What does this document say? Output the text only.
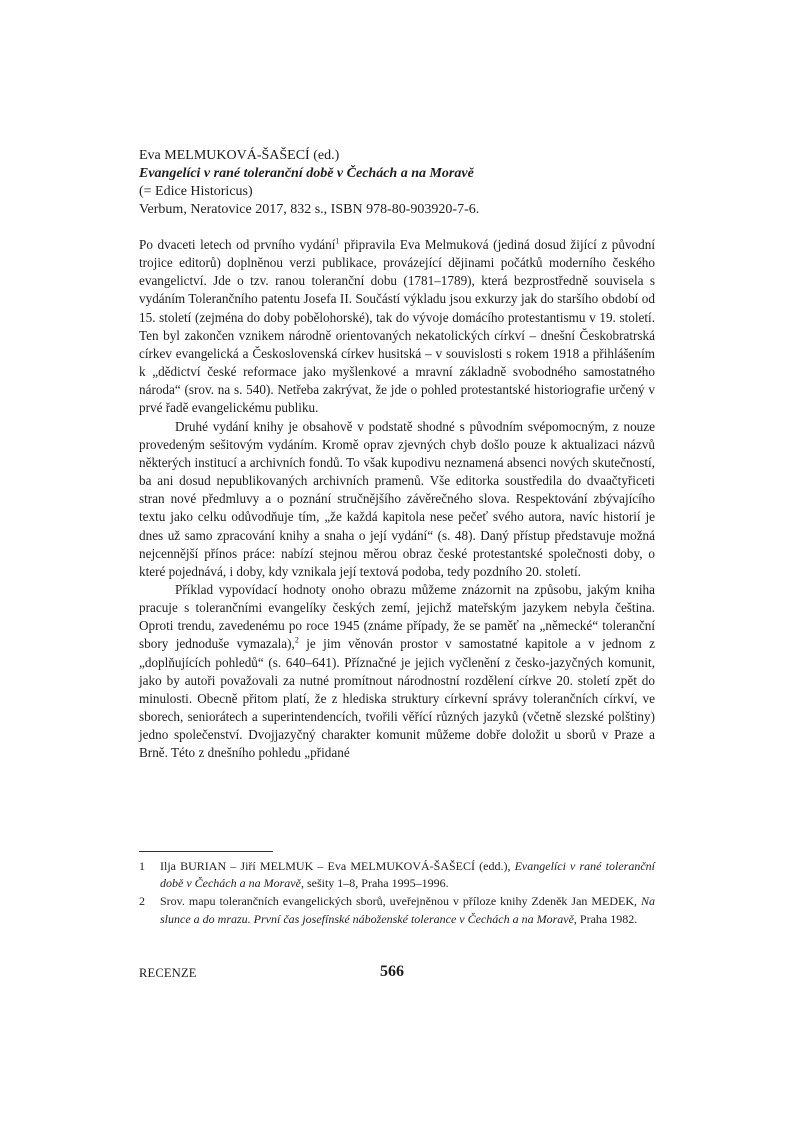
Eva MELMUKOVÁ-ŠAŠECÍ (ed.)
Evangelíci v rané toleranční době v Čechách a na Moravě
(= Edice Historicus)
Verbum, Neratovice 2017, 832 s., ISBN 978-80-903920-7-6.

Po dvaceti letech od prvního vydání$^1$ připravila Eva Melmuková (jediná dosud žijící z původní trojice editorů) doplněnou verzi publikace, provázející dějinami počátků moderního českého evangelictví. Jde o tzv. ranou toleranční dobu (1781–1789), která bezprostředně souvisela s vydáním Tolerančního patentu Josefa II. Součástí výkladu jsou exkurzy jak do staršího období od 15. století (zejména do doby pobělohorské), tak do vývoje domácího protestantismu v 19. století. Ten byl zakončen vznikem národně orientovaných nekatolických církví – dnešní Českobratrská církev evangelická a Československá církev husitská – v souvislosti s rokem 1918 a přihlášením k „dědictví české reformace jako myšlenkové a mravní základně svobodného samostatného národa“ (srov. na s. 540). Netřeba zakrývat, že jde o pohled protestantské historiografie určený v prvé řadě evangelickému publiku.

Druhé vydání knihy je obsahově v podstatě shodné s původním svépomocným, z nouze provedeným sešitovým vydáním. Kromě oprav zjevných chyb došlo pouze k aktualizaci názvů některých institucí a archivních fondů. To však kupodivu neznamená absenci nových skutečností, ba ani dosud nepublikovaných archivních pramenů. Vše editorka soustředila do dvaačtyřiceti stran nové předmluvy a o poznání stručnějšího závěrečného slova. Respektování zbývajícího textu jako celku odůvodňuje tím, „že každá kapitola nese pečeť svého autora, navíc historií je dnes už samo zpracování knihy a snaha o její vydání“ (s. 48). Daný přístup představuje možná nejcennější přínos práce: nabízí stejnou měrou obraz české protestantské společnosti doby, o které pojednává, i doby, kdy vznikala její textová podoba, tedy pozdního 20. století.

Příklad vypovídací hodnoty onoho obrazu můžeme znázornit na způsobu, jakým kniha pracuje s tolerančními evangelíky českých zemí, jejichž mateřským jazykem nebyla čeština. Oproti trendu, zavedenému po roce 1945 (známe případy, že se paměť na „německé“ toleranční sbory jednoduše vymazala),$^2$ je jim věnován prostor v samostatné kapitole a v jednom z „doplňujících pohledů“ (s. 640–641). Příznačné je jejich vyčlenění z česko-jazyčných komunit, jako by autoři považovali za nutné promítnout národnostní rozdělení církve 20. století zpět do minulosti. Obecně přitom platí, že z hlediska struktury církevní správy tolerančních církví, ve sborech, seniorátech a superintendencích, tvořili věřící různých jazyků (včetně slezské polštiny) jedno společenství. Dvojjazyčný charakter komunit můžeme dobře doložit u sborů v Praze a Brně. Této z dnešního pohledu „přidané

1 Ilja BURIAN – Jiří MELMUK – Eva MELMUKOVÁ-ŠAŠECÍ (edd.), Evangelíci v rané toleranční době v Čechách a na Moravě, sešity 1–8, Praha 1995–1996.
2 Srov. mapu tolerančních evangelických sborů, uveřejněnou v příloze knihy Zdeněk Jan MEDEK, Na slunce a do mrazu. První čas josefínské náboženské tolerance v Čechách a na Moravě, Praha 1982.
RECENZE	566
